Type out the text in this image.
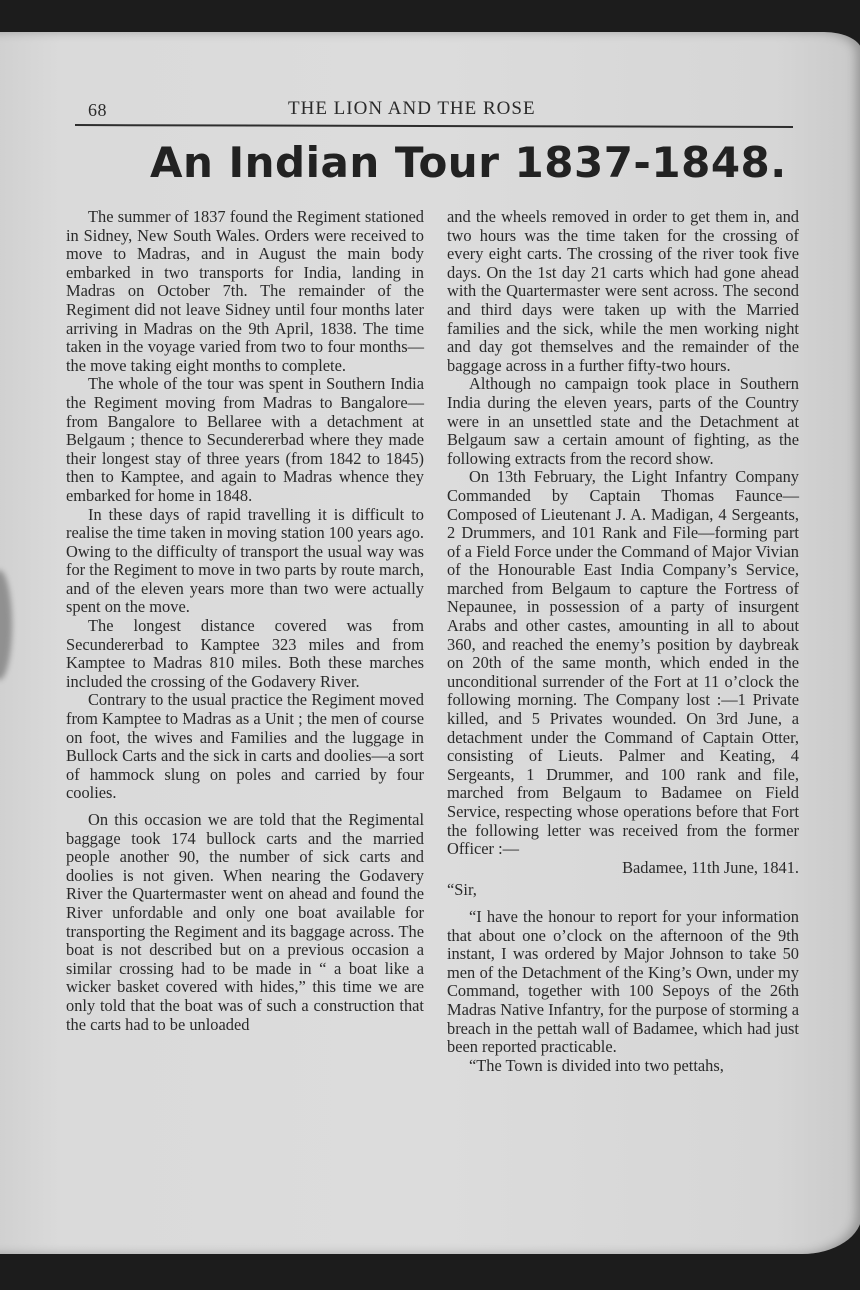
68	THE LION AND THE ROSE
An Indian Tour 1837-1848.

The summer of 1837 found the Regiment stationed in Sidney, New South Wales. Orders were received to move to Madras, and in August the main body embarked in two transports for India, landing in Madras on October 7th. The remainder of the Regiment did not leave Sidney until four months later arriving in Madras on the 9th April, 1838. The time taken in the voyage varied from two to four months—the move taking eight months to complete.

The whole of the tour was spent in Southern India the Regiment moving from Madras to Bangalore—from Bangalore to Bellaree with a detachment at Belgaum ; thence to Secundererbad where they made their longest stay of three years (from 1842 to 1845) then to Kamptee, and again to Madras whence they embarked for home in 1848.

In these days of rapid travelling it is difficult to realise the time taken in moving station 100 years ago. Owing to the difficulty of transport the usual way was for the Regiment to move in two parts by route march, and of the eleven years more than two were actually spent on the move.

The longest distance covered was from Secundererbad to Kamptee 323 miles and from Kamptee to Madras 810 miles. Both these marches included the crossing of the Godavery River.

Contrary to the usual practice the Regiment moved from Kamptee to Madras as a Unit ; the men of course on foot, the wives and Families and the luggage in Bullock Carts and the sick in carts and doolies—a sort of hammock slung on poles and carried by four coolies.

On this occasion we are told that the Regimental baggage took 174 bullock carts and the married people another 90, the number of sick carts and doolies is not given. When nearing the Godavery River the Quartermaster went on ahead and found the River unfordable and only one boat available for transporting the Regiment and its baggage across. The boat is not described but on a previous occasion a similar crossing had to be made in “ a boat like a wicker basket covered with hides,” this time we are only told that the boat was of such a construction that the carts had to be unloaded

and the wheels removed in order to get them in, and two hours was the time taken for the crossing of every eight carts. The crossing of the river took five days. On the 1st day 21 carts which had gone ahead with the Quartermaster were sent across. The second and third days were taken up with the Married families and the sick, while the men working night and day got themselves and the remainder of the baggage across in a further fifty-two hours.

Although no campaign took place in Southern India during the eleven years, parts of the Country were in an unsettled state and the Detachment at Belgaum saw a certain amount of fighting, as the following extracts from the record show.

On 13th February, the Light Infantry Company Commanded by Captain Thomas Faunce—Composed of Lieutenant J. A. Madigan, 4 Sergeants, 2 Drummers, and 101 Rank and File—forming part of a Field Force under the Command of Major Vivian of the Honourable East India Company’s Service, marched from Belgaum to capture the Fortress of Nepaunee, in possession of a party of insurgent Arabs and other castes, amounting in all to about 360, and reached the enemy’s position by daybreak on 20th of the same month, which ended in the unconditional surrender of the Fort at 11 o’clock the following morning. The Company lost :—1 Private killed, and 5 Privates wounded. On 3rd June, a detachment under the Command of Captain Otter, consisting of Lieuts. Palmer and Keating, 4 Sergeants, 1 Drummer, and 100 rank and file, marched from Belgaum to Badamee on Field Service, respecting whose operations before that Fort the following letter was received from the former Officer :—

Badamee, 11th June, 1841.

“Sir,

“I have the honour to report for your information that about one o’clock on the afternoon of the 9th instant, I was ordered by Major Johnson to take 50 men of the Detachment of the King’s Own, under my Command, together with 100 Sepoys of the 26th Madras Native Infantry, for the purpose of storming a breach in the pettah wall of Badamee, which had just been reported practicable.

“The Town is divided into two pettahs,
